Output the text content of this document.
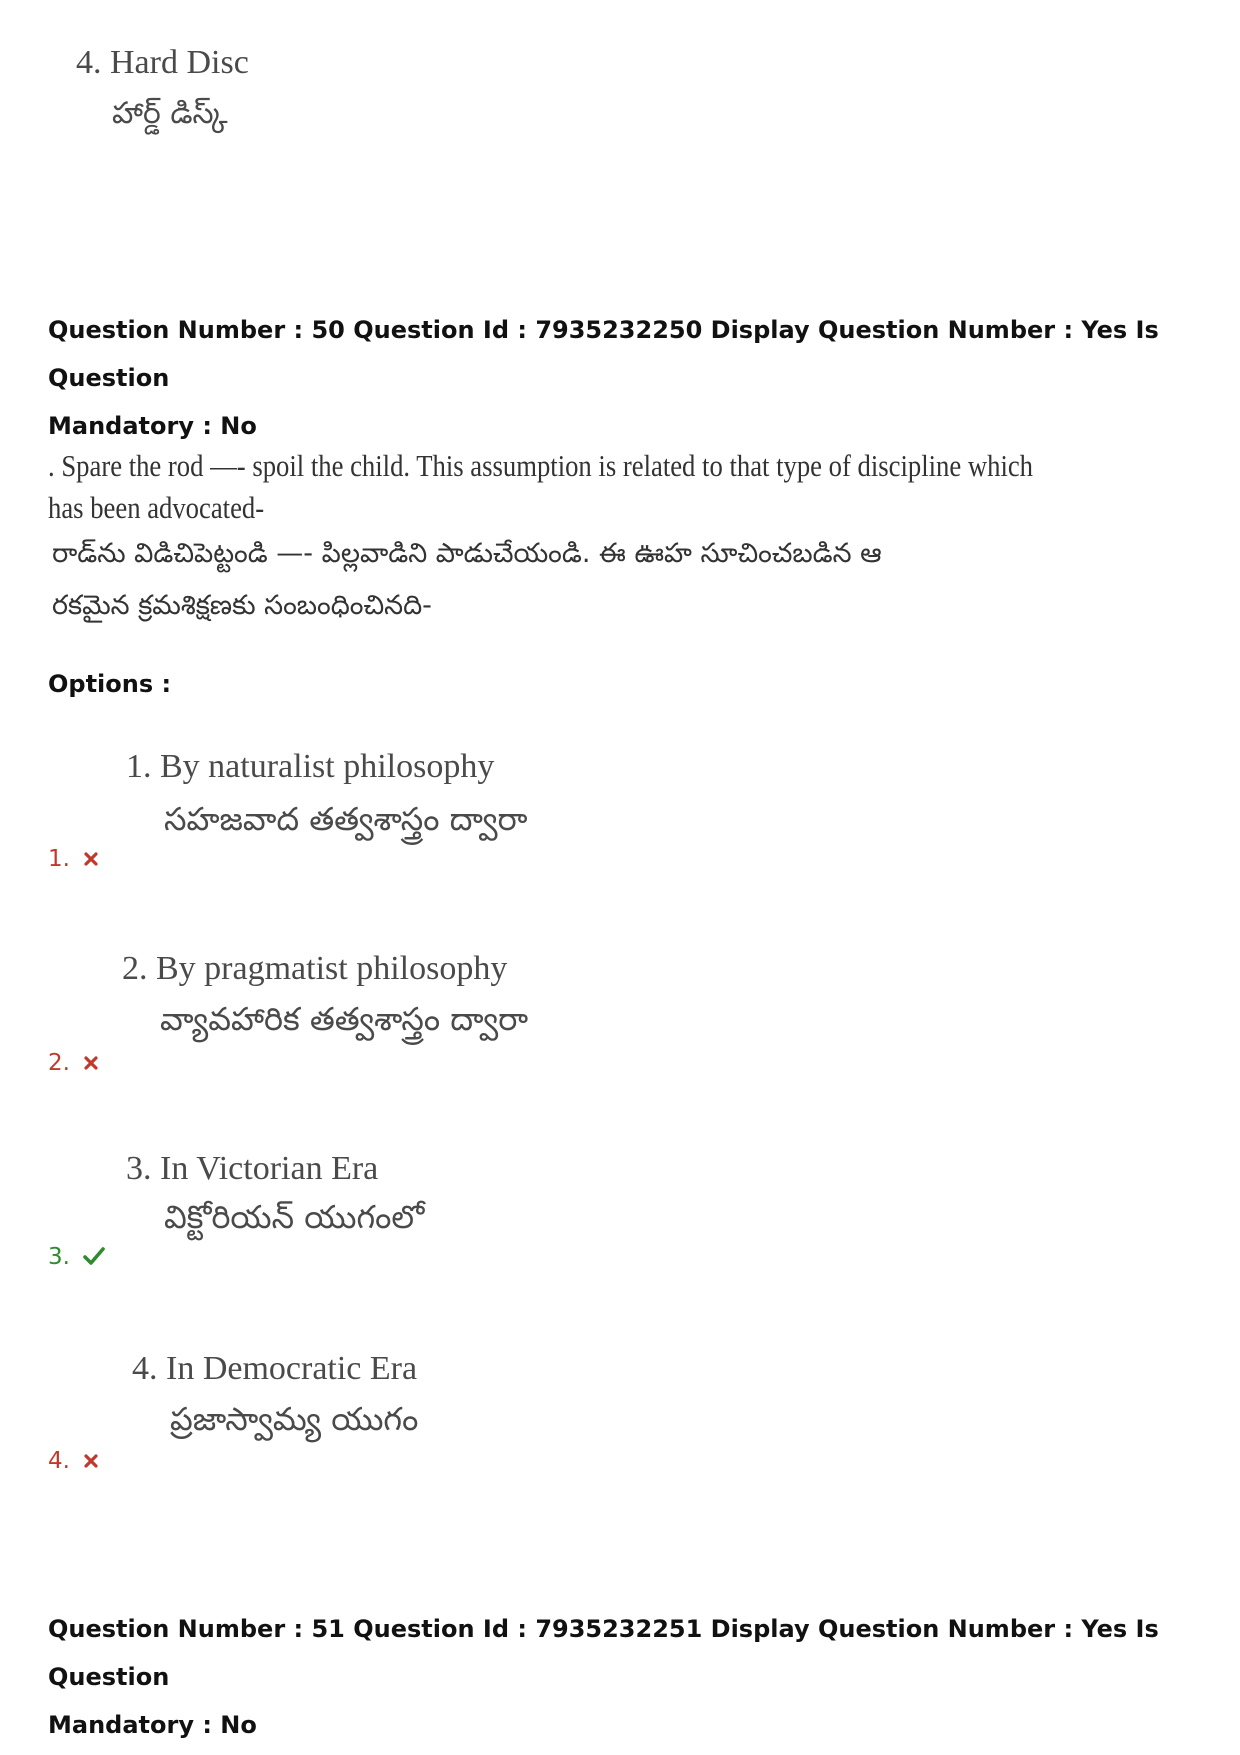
4. Hard Disc
హార్డ్ డిస్క్
Question Number : 50 Question Id : 7935232250 Display Question Number : Yes Is Question
Mandatory : No
. Spare the rod —- spoil the child. This assumption is related to that type of discipline which
has been advocated-
రాడ్‌ను విడిచిపెట్టండి —- పిల్లవాడిని పాడుచేయండి. ఈ ఊహ సూచించబడిన ఆ
రకమైన క్రమశిక్షణకు సంబంధించినది-
Options :
1. By naturalist philosophy
సహజవాద తత్వశాస్త్రం ద్వారా
1.
2. By pragmatist philosophy
వ్యావహారిక తత్వశాస్త్రం ద్వారా
2.
3. In Victorian Era
విక్టోరియన్ యుగంలో
3.
4. In Democratic Era
ప్రజాస్వామ్య యుగం
4.
Question Number : 51 Question Id : 7935232251 Display Question Number : Yes Is Question
Mandatory : No
